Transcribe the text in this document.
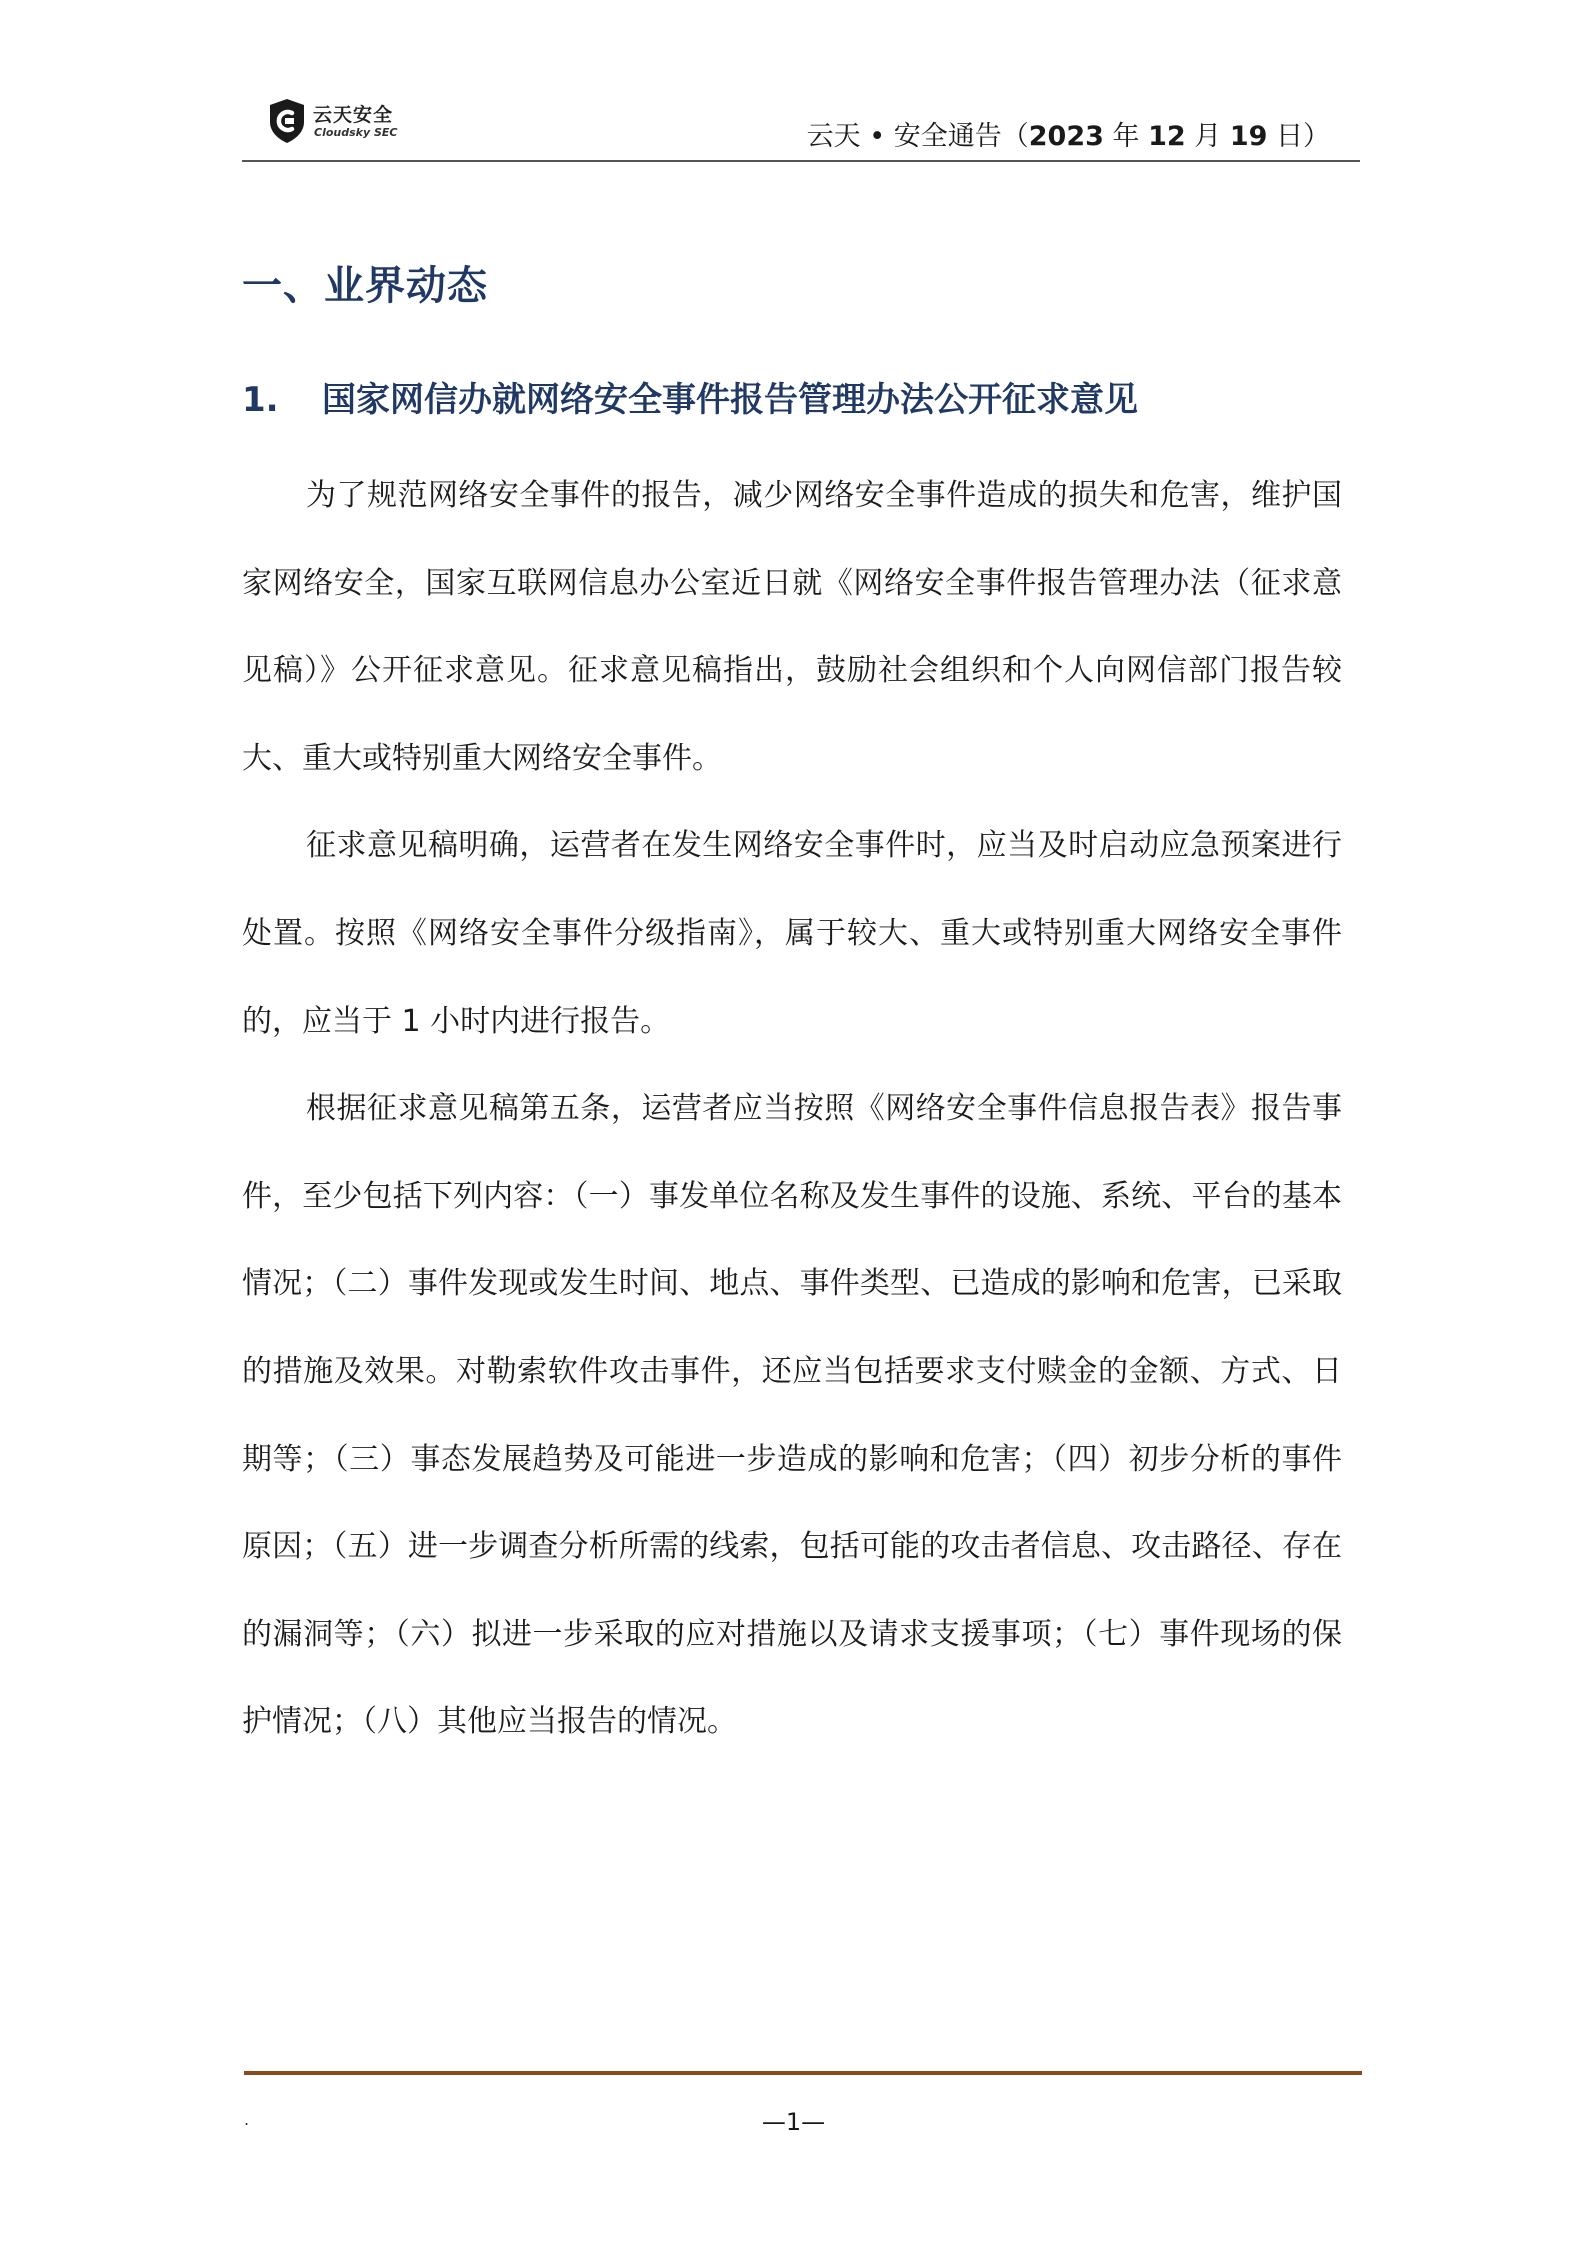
云天安全
Cloudsky SEC	云天 • 安全通告（2023 年 12 月 19 日）
一、业界动态
1. 国家网信办就网络安全事件报告管理办法公开征求意见

为了规范网络安全事件的报告，减少网络安全事件造成的损失和危害，维护国家网络安全，国家互联网信息办公室近日就《网络安全事件报告管理办法（征求意见稿）》公开征求意见。征求意见稿指出，鼓励社会组织和个人向网信部门报告较大、重大或特别重大网络安全事件。

征求意见稿明确，运营者在发生网络安全事件时，应当及时启动应急预案进行处置。按照《网络安全事件分级指南》，属于较大、重大或特别重大网络安全事件的，应当于 1 小时内进行报告。

根据征求意见稿第五条，运营者应当按照《网络安全事件信息报告表》报告事件，至少包括下列内容：（一）事发单位名称及发生事件的设施、系统、平台的基本情况；（二）事件发现或发生时间、地点、事件类型、已造成的影响和危害，已采取的措施及效果。对勒索软件攻击事件，还应当包括要求支付赎金的金额、方式、日期等；（三）事态发展趋势及可能进一步造成的影响和危害；（四）初步分析的事件原因；（五）进一步调查分析所需的线索，包括可能的攻击者信息、攻击路径、存在的漏洞等；（六）拟进一步采取的应对措施以及请求支援事项；（七）事件现场的保护情况；（八）其他应当报告的情况。

.	—1—
